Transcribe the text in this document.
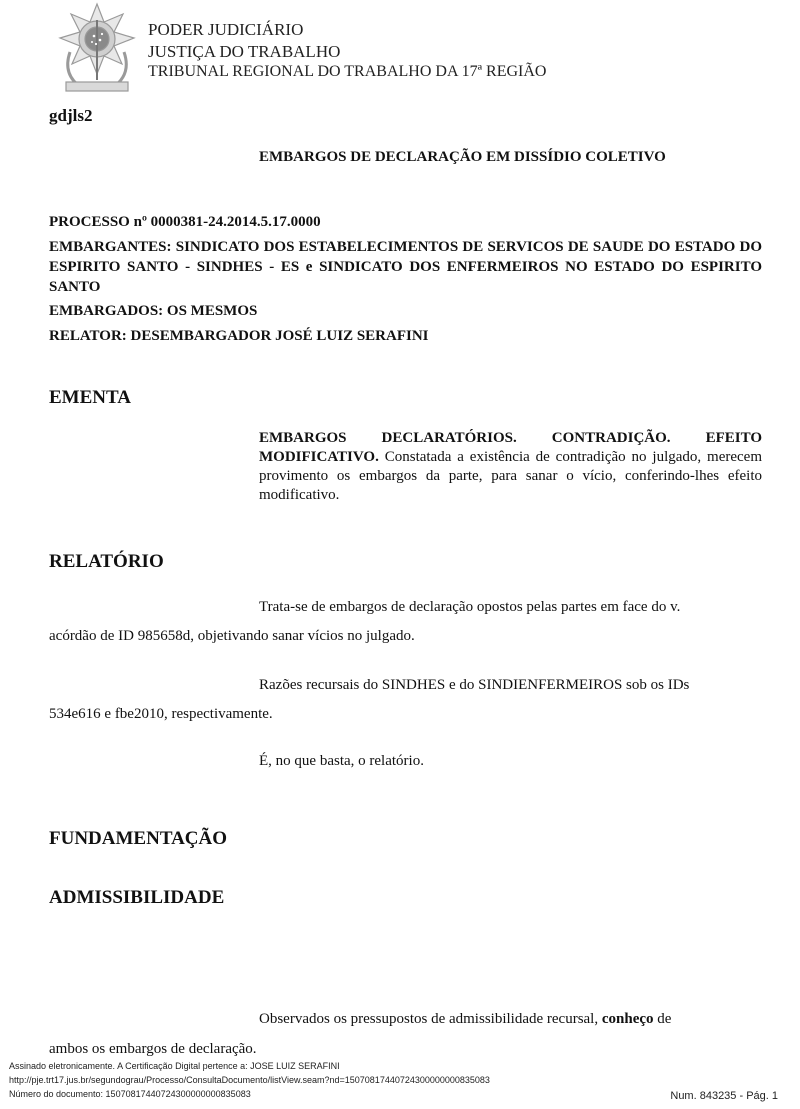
PODER JUDICIÁRIO
JUSTIÇA DO TRABALHO
TRIBUNAL REGIONAL DO TRABALHO DA 17ª REGIÃO
gdjls2
EMBARGOS DE DECLARAÇÃO EM DISSÍDIO COLETIVO
PROCESSO nº 0000381-24.2014.5.17.0000
EMBARGANTES: SINDICATO DOS ESTABELECIMENTOS DE SERVICOS DE SAUDE DO ESTADO DO ESPIRITO SANTO - SINDHES - ES e SINDICATO DOS ENFERMEIROS NO ESTADO DO ESPIRITO SANTO
EMBARGADOS: OS MESMOS
RELATOR: DESEMBARGADOR JOSÉ LUIZ SERAFINI
EMENTA
EMBARGOS DECLARATÓRIOS. CONTRADIÇÃO. EFEITO MODIFICATIVO. Constatada a existência de contradição no julgado, merecem provimento os embargos da parte, para sanar o vício, conferindo-lhes efeito modificativo.
RELATÓRIO
Trata-se de embargos de declaração opostos pelas partes em face do v.
acórdão de ID 985658d, objetivando sanar vícios no julgado.
Razões recursais do SINDHES e do SINDIENFERMEIROS sob os IDs
534e616 e fbe2010, respectivamente.
É, no que basta, o relatório.
FUNDAMENTAÇÃO
ADMISSIBILIDADE
Observados os pressupostos de admissibilidade recursal, conheço de
ambos os embargos de declaração.
Assinado eletronicamente. A Certificação Digital pertence a: JOSE LUIZ SERAFINI
http://pje.trt17.jus.br/segundograu/Processo/ConsultaDocumento/listView.seam?nd=15070817440724300000000835083
Número do documento: 15070817440724300000000835083	Num. 843235 - Pág. 1
